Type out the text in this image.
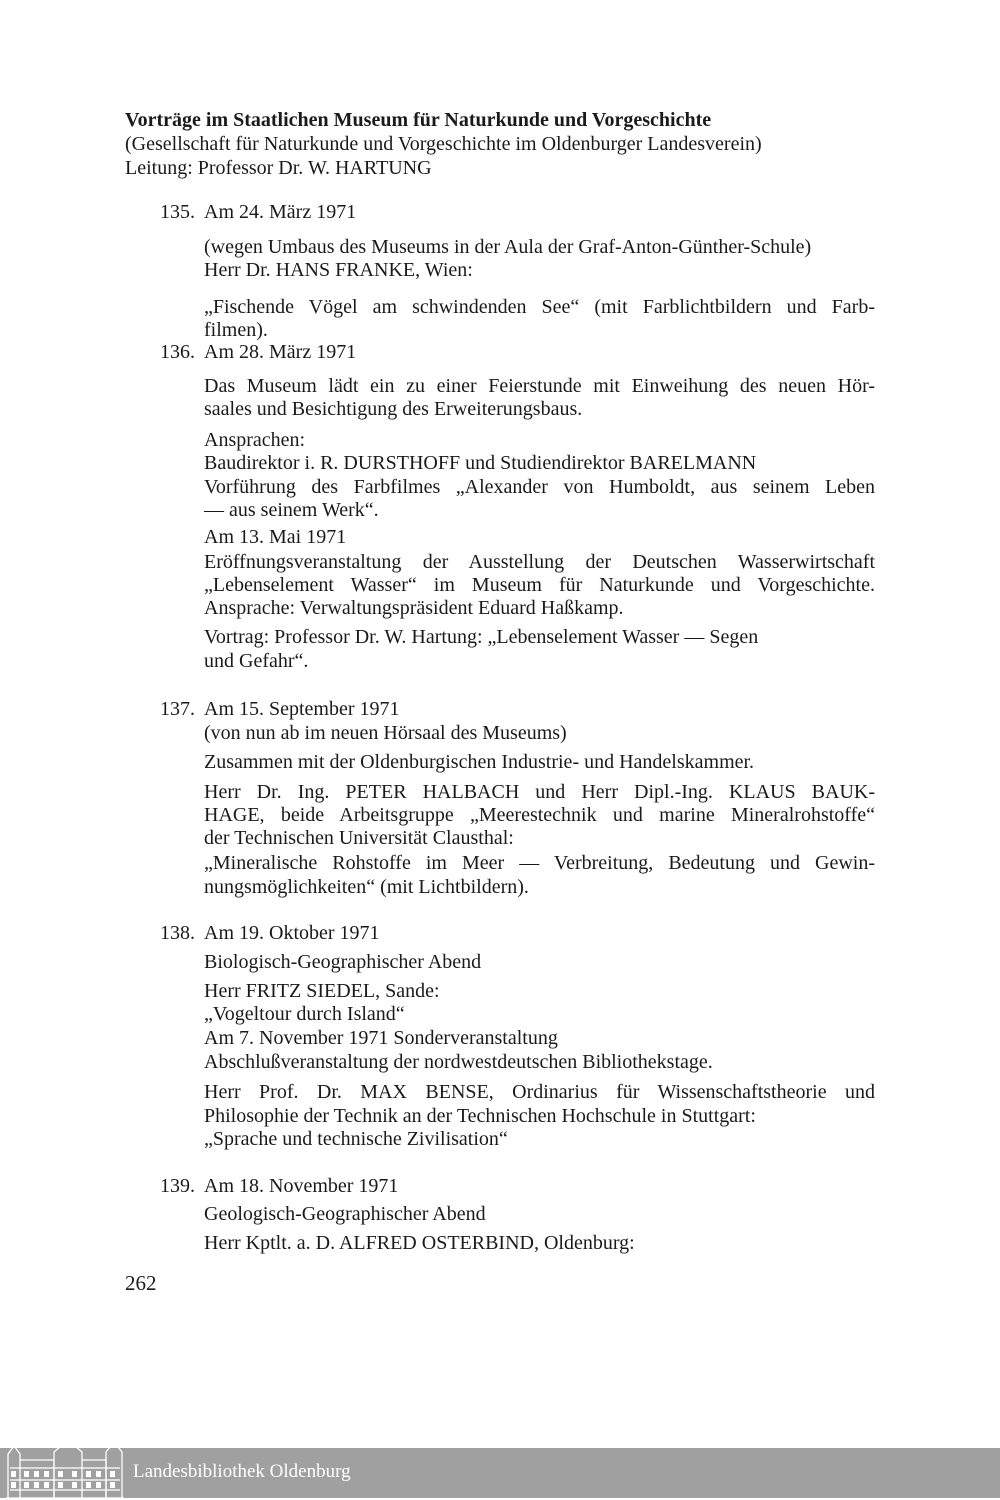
Vorträge im Staatlichen Museum für Naturkunde und Vorgeschichte
(Gesellschaft für Naturkunde und Vorgeschichte im Oldenburger Landesverein)
Leitung: Professor Dr. W. HARTUNG
135. Am 24. März 1971
(wegen Umbaus des Museums in der Aula der Graf-Anton-Günther-Schule)
Herr Dr. HANS FRANKE, Wien:
„Fischende Vögel am schwindenden See“ (mit Farblichtbildern und Farb-
filmen).
136. Am 28. März 1971
Das Museum lädt ein zu einer Feierstunde mit Einweihung des neuen Hör-
saales und Besichtigung des Erweiterungsbaus.
Ansprachen:
Baudirektor i. R. DURSTHOFF und Studiendirektor BARELMANN
Vorführung des Farbfilmes „Alexander von Humboldt, aus seinem Leben
— aus seinem Werk“.
Am 13. Mai 1971
Eröffnungsveranstaltung der Ausstellung der Deutschen Wasserwirtschaft
„Lebenselement Wasser“ im Museum für Naturkunde und Vorgeschichte.
Ansprache: Verwaltungspräsident Eduard Haßkamp.
Vortrag: Professor Dr. W. Hartung: „Lebenselement Wasser — Segen
und Gefahr“.
137. Am 15. September 1971
(von nun ab im neuen Hörsaal des Museums)
Zusammen mit der Oldenburgischen Industrie- und Handelskammer.
Herr Dr. Ing. PETER HALBACH und Herr Dipl.-Ing. KLAUS BAUK-
HAGE, beide Arbeitsgruppe „Meerestechnik und marine Mineralrohstoffe“
der Technischen Universität Clausthal:
„Mineralische Rohstoffe im Meer — Verbreitung, Bedeutung und Gewin-
nungsmöglichkeiten“ (mit Lichtbildern).
138. Am 19. Oktober 1971
Biologisch-Geographischer Abend
Herr FRITZ SIEDEL, Sande:
„Vogeltour durch Island“
Am 7. November 1971 Sonderveranstaltung
Abschlußveranstaltung der nordwestdeutschen Bibliothekstage.
Herr Prof. Dr. MAX BENSE, Ordinarius für Wissenschaftstheorie und
Philosophie der Technik an der Technischen Hochschule in Stuttgart:
„Sprache und technische Zivilisation“
139. Am 18. November 1971
Geologisch-Geographischer Abend
Herr Kptlt. a. D. ALFRED OSTERBIND, Oldenburg:
262
Landesbibliothek Oldenburg
